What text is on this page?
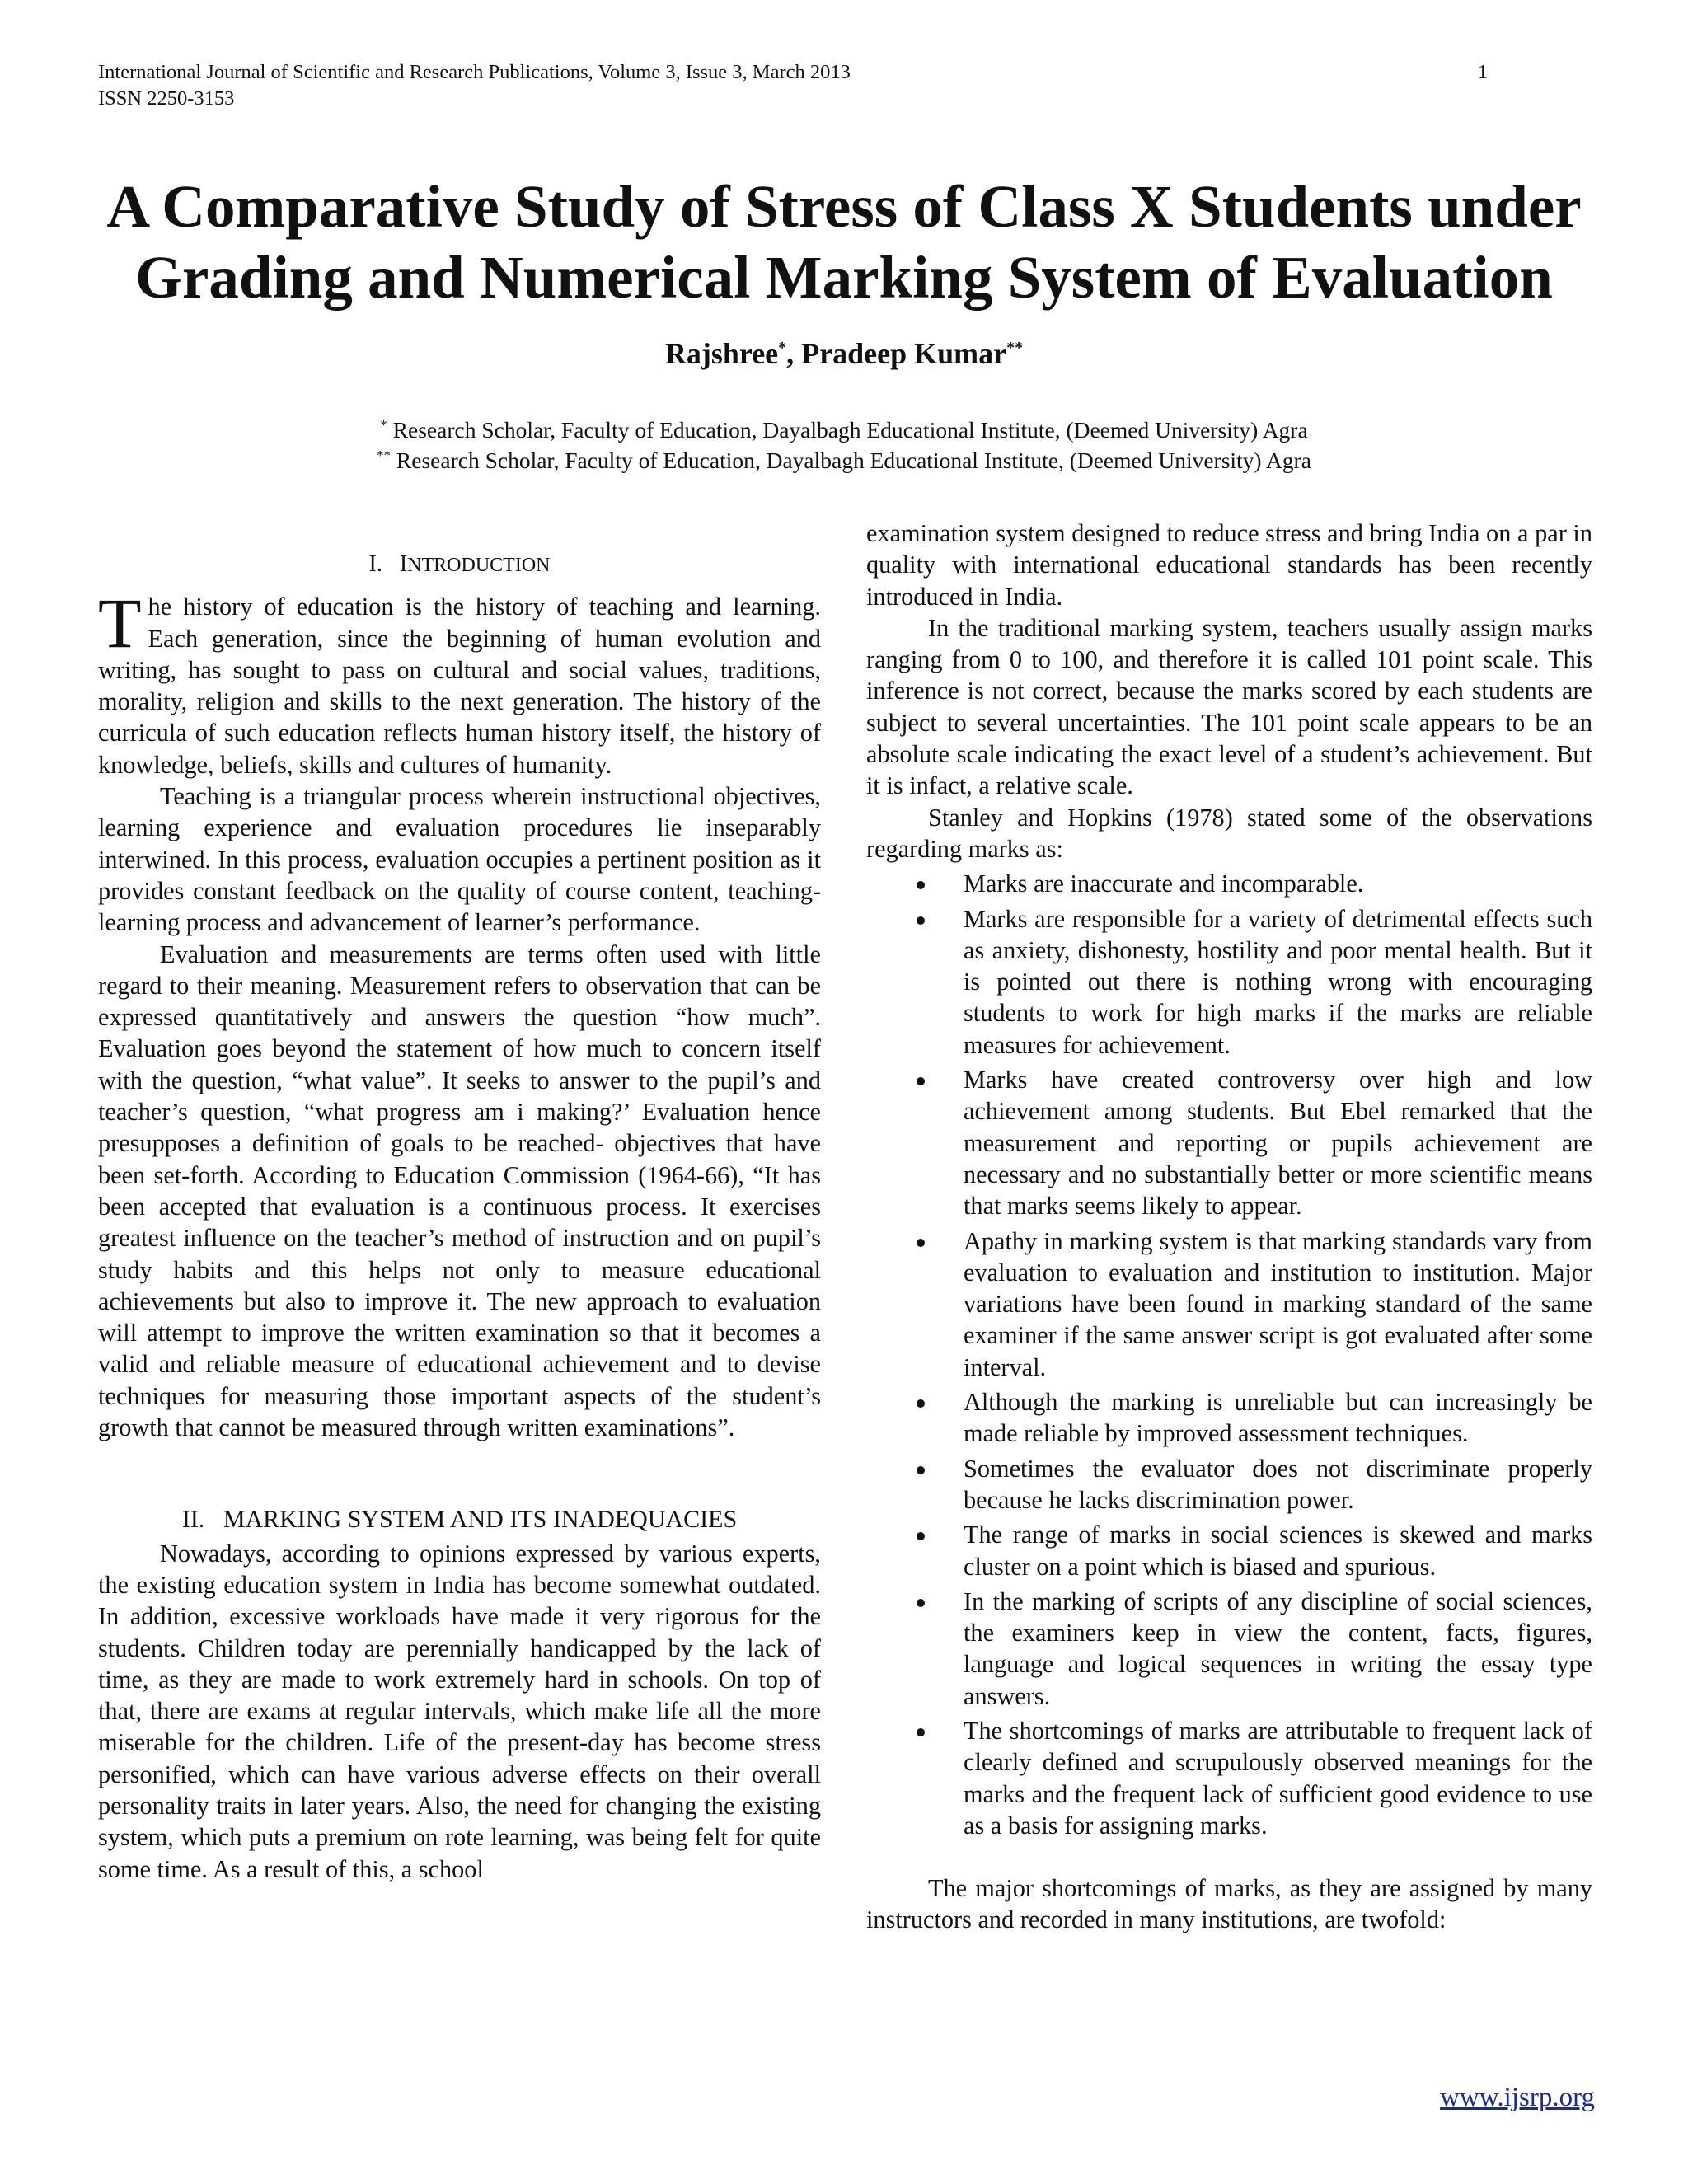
International Journal of Scientific and Research Publications, Volume 3, Issue 3, March 2013
ISSN 2250-3153
1
A Comparative Study of Stress of Class X Students under
Grading and Numerical Marking System of Evaluation
Rajshree*, Pradeep Kumar**
* Research Scholar, Faculty of Education, Dayalbagh Educational Institute, (Deemed University) Agra
** Research Scholar, Faculty of Education, Dayalbagh Educational Institute, (Deemed University) Agra
I. INTRODUCTION

The history of education is the history of teaching and learning. Each generation, since the beginning of human evolution and writing, has sought to pass on cultural and social values, traditions, morality, religion and skills to the next generation. The history of the curricula of such education reflects human history itself, the history of knowledge, beliefs, skills and cultures of humanity.

Teaching is a triangular process wherein instructional objectives, learning experience and evaluation procedures lie inseparably interwined. In this process, evaluation occupies a pertinent position as it provides constant feedback on the quality of course content, teaching- learning process and advancement of learner’s performance.

Evaluation and measurements are terms often used with little regard to their meaning. Measurement refers to observation that can be expressed quantitatively and answers the question “how much”. Evaluation goes beyond the statement of how much to concern itself with the question, “what value”. It seeks to answer to the pupil’s and teacher’s question, “what progress am i making?’ Evaluation hence presupposes a definition of goals to be reached- objectives that have been set-forth. According to Education Commission (1964-66), “It has been accepted that evaluation is a continuous process. It exercises greatest influence on the teacher’s method of instruction and on pupil’s study habits and this helps not only to measure educational achievements but also to improve it. The new approach to evaluation will attempt to improve the written examination so that it becomes a valid and reliable measure of educational achievement and to devise techniques for measuring those important aspects of the student’s growth that cannot be measured through written examinations”.

II. MARKING SYSTEM AND ITS INADEQUACIES

Nowadays, according to opinions expressed by various experts, the existing education system in India has become somewhat outdated. In addition, excessive workloads have made it very rigorous for the students. Children today are perennially handicapped by the lack of time, as they are made to work extremely hard in schools. On top of that, there are exams at regular intervals, which make life all the more miserable for the children. Life of the present-day has become stress personified, which can have various adverse effects on their overall personality traits in later years. Also, the need for changing the existing system, which puts a premium on rote learning, was being felt for quite some time. As a result of this, a school

examination system designed to reduce stress and bring India on a par in quality with international educational standards has been recently introduced in India.

In the traditional marking system, teachers usually assign marks ranging from 0 to 100, and therefore it is called 101 point scale. This inference is not correct, because the marks scored by each students are subject to several uncertainties. The 101 point scale appears to be an absolute scale indicating the exact level of a student’s achievement. But it is infact, a relative scale.

Stanley and Hopkins (1978) stated some of the observations regarding marks as:

Marks are inaccurate and incomparable.
Marks are responsible for a variety of detrimental effects such as anxiety, dishonesty, hostility and poor mental health. But it is pointed out there is nothing wrong with encouraging students to work for high marks if the marks are reliable measures for achievement.
Marks have created controversy over high and low achievement among students. But Ebel remarked that the measurement and reporting or pupils achievement are necessary and no substantially better or more scientific means that marks seems likely to appear.
Apathy in marking system is that marking standards vary from evaluation to evaluation and institution to institution. Major variations have been found in marking standard of the same examiner if the same answer script is got evaluated after some interval.
Although the marking is unreliable but can increasingly be made reliable by improved assessment techniques.
Sometimes the evaluator does not discriminate properly because he lacks discrimination power.
The range of marks in social sciences is skewed and marks cluster on a point which is biased and spurious.
In the marking of scripts of any discipline of social sciences, the examiners keep in view the content, facts, figures, language and logical sequences in writing the essay type answers.
The shortcomings of marks are attributable to frequent lack of clearly defined and scrupulously observed meanings for the marks and the frequent lack of sufficient good evidence to use as a basis for assigning marks.

The major shortcomings of marks, as they are assigned by many instructors and recorded in many institutions, are twofold:

www.ijsrp.org
